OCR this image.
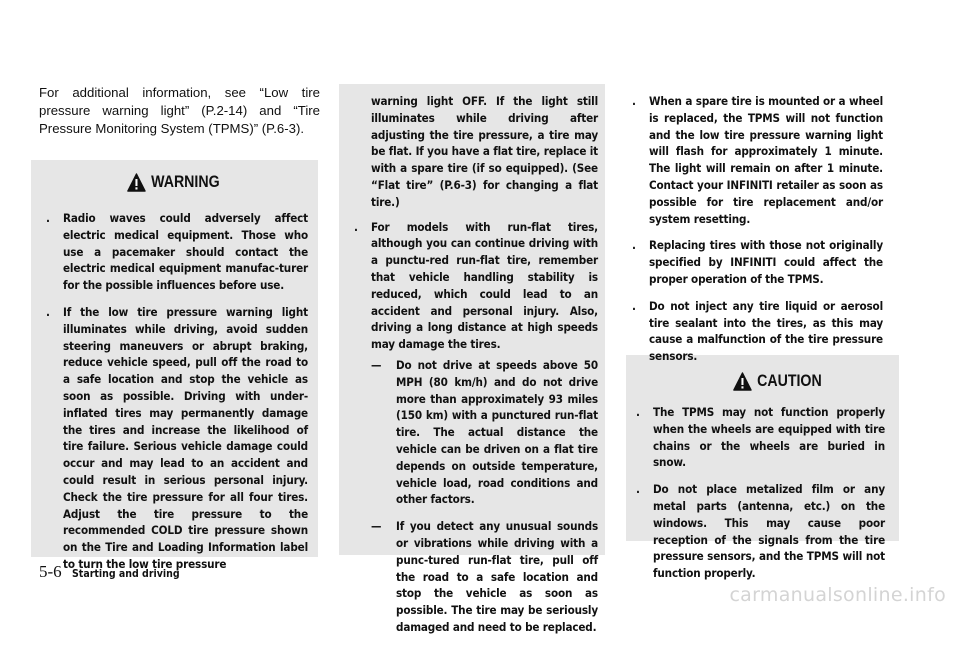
For additional information, see “Low tire pressure warning light” (P.2-14) and “Tire Pressure Monitoring System (TPMS)” (P.6-3).
WARNING
. Radio waves could adversely affect electric medical equipment. Those who use a pacemaker should contact the electric medical equipment manufac-turer for the possible influences before use.

. If the low tire pressure warning light illuminates while driving, avoid sudden steering maneuvers or abrupt braking, reduce vehicle speed, pull off the road to a safe location and stop the vehicle as soon as possible. Driving with under-inflated tires may permanently damage the tires and increase the likelihood of tire failure. Serious vehicle damage could occur and may lead to an accident and could result in serious personal injury. Check the tire pressure for all four tires. Adjust the tire pressure to the recommended COLD tire pressure shown on the Tire and Loading Information label to turn the low tire pressure

warning light OFF. If the light still illuminates while driving after adjusting the tire pressure, a tire may be flat. If you have a flat tire, replace it with a spare tire (if so equipped). (See “Flat tire” (P.6-3) for changing a flat tire.)

. For models with run-flat tires, although you can continue driving with a punctu-red run-flat tire, remember that vehicle handling stability is reduced, which could lead to an accident and personal injury. Also, driving a long distance at high speeds may damage the tires.

— Do not drive at speeds above 50 MPH (80 km/h) and do not drive more than approximately 93 miles (150 km) with a punctured run-flat tire. The actual distance the vehicle can be driven on a flat tire depends on outside temperature, vehicle load, road conditions and other factors.

— If you detect any unusual sounds or vibrations while driving with a punc-tured run-flat tire, pull off the road to a safe location and stop the vehicle as soon as possible. The tire may be seriously damaged and need to be replaced.

. When a spare tire is mounted or a wheel is replaced, the TPMS will not function and the low tire pressure warning light will flash for approximately 1 minute. The light will remain on after 1 minute. Contact your INFINITI retailer as soon as possible for tire replacement and/or system resetting.

. Replacing tires with those not originally specified by INFINITI could affect the proper operation of the TPMS.

. Do not inject any tire liquid or aerosol tire sealant into the tires, as this may cause a malfunction of the tire pressure sensors.

CAUTION
. The TPMS may not function properly when the wheels are equipped with tire chains or the wheels are buried in snow.

. Do not place metalized film or any metal parts (antenna, etc.) on the windows. This may cause poor reception of the signals from the tire pressure sensors, and the TPMS will not function properly.

5-6 Starting and driving
carmanualsonline.info
